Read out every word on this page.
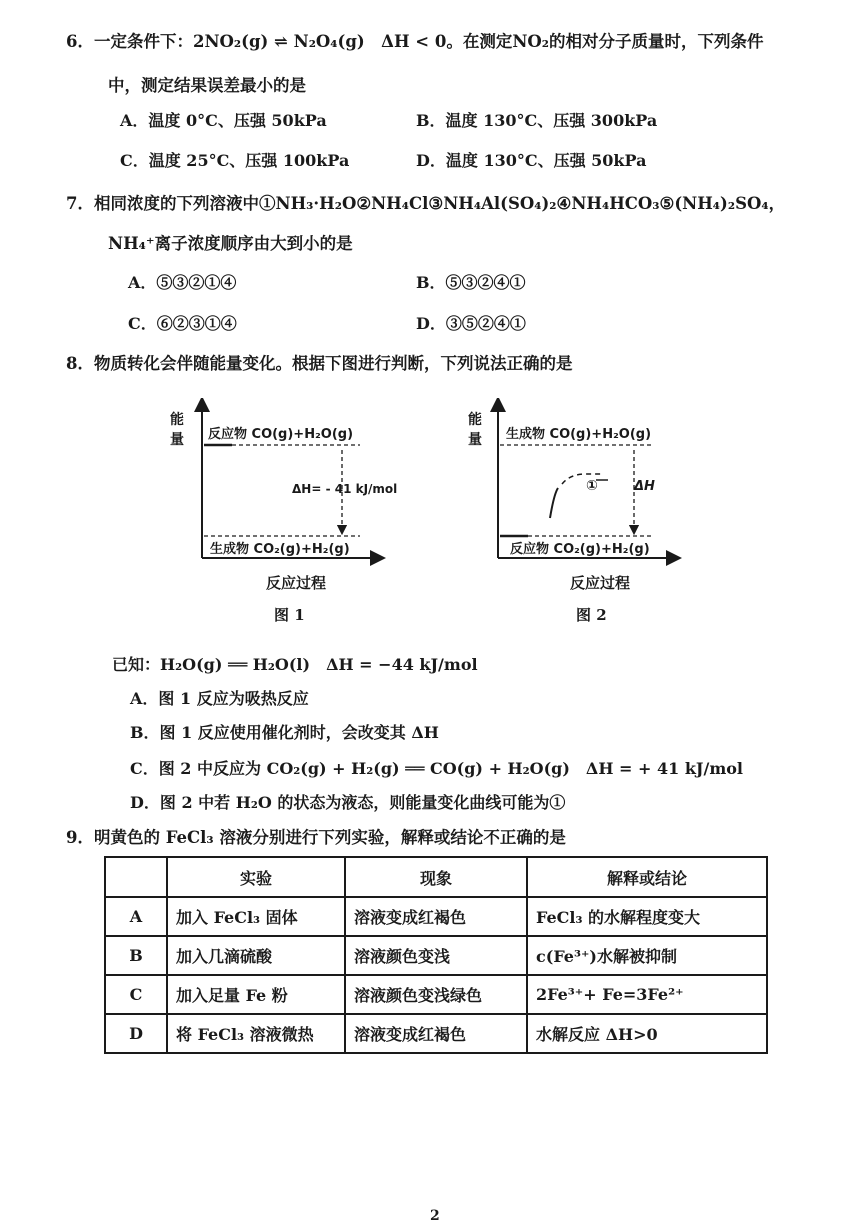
6．一定条件下：2NO₂(g) ⇌ N₂O₄(g)　ΔH < 0。在测定NO₂的相对分子质量时，下列条件
中，测定结果误差最小的是
A．温度 0°C、压强 50kPa	B．温度 130°C、压强 300kPa
C．温度 25°C、压强 100kPa	D．温度 130°C、压强 50kPa
7．相同浓度的下列溶液中①NH₃·H₂O②NH₄Cl③NH₄Al(SO₄)₂④NH₄HCO₃⑤(NH₄)₂SO₄，
NH₄⁺离子浓度顺序由大到小的是
A．⑤③②①④	B．⑤③②④①
C．⑥②③①④	D．③⑤②④①
8．物质转化会伴随能量变化。根据下图进行判断，下列说法正确的是
能
量 反应物 CO(g)+H₂O(g)
生成物 CO₂(g)+H₂(g)
ΔH= - 41 kJ/mol
反应过程
图 1
能
量 生成物 CO(g)+H₂O(g)
反应物 CO₂(g)+H₂(g)
①	ΔH
反应过程
图 2
已知：H₂O(g) ══ H₂O(l)　ΔH = −44 kJ/mol
A．图 1 反应为吸热反应
B．图 1 反应使用催化剂时，会改变其 ΔH
C．图 2 中反应为 CO₂(g) + H₂(g) ══ CO(g) + H₂O(g)　ΔH = + 41 kJ/mol
D．图 2 中若 H₂O 的状态为液态，则能量变化曲线可能为①
9．明黄色的 FeCl₃ 溶液分别进行下列实验，解释或结论不正确的是
	实验	现象	解释或结论
A	加入 FeCl₃ 固体	溶液变成红褐色	FeCl₃ 的水解程度变大
B	加入几滴硫酸	溶液颜色变浅	c(Fe³⁺)水解被抑制
C	加入足量 Fe 粉	溶液颜色变浅绿色	2Fe³⁺+ Fe=3Fe²⁺
D	将 FeCl₃ 溶液微热	溶液变成红褐色	水解反应 ΔH>0
2
